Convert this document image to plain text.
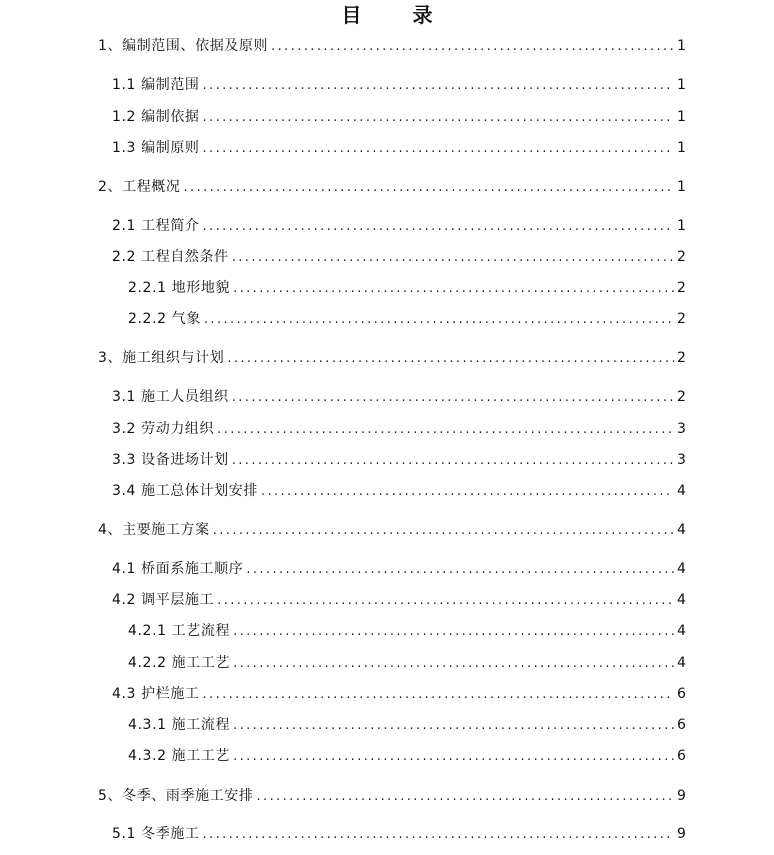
目 录
1、编制范围、依据及原则 .....	1
1.1 编制范围 .....	1
1.2 编制依据 .....	1
1.3 编制原则 .....	1
2、工程概况 .....	1
2.1 工程简介 .....	1
2.2 工程自然条件 .....	2
2.2.1 地形地貌 .....	2
2.2.2 气象 .....	2
3、施工组织与计划 .....	2
3.1 施工人员组织 .....	2
3.2 劳动力组织 .....	3
3.3 设备进场计划 .....	3
3.4 施工总体计划安排 .....	4
4、主要施工方案 .....	4
4.1 桥面系施工顺序 .....	4
4.2 调平层施工 .....	4
4.2.1 工艺流程 .....	4
4.2.2 施工工艺 .....	4
4.3 护栏施工 .....	6
4.3.1 施工流程 .....	6
4.3.2 施工工艺 .....	6
5、冬季、雨季施工安排 .....	9
5.1 冬季施工 .....	9
